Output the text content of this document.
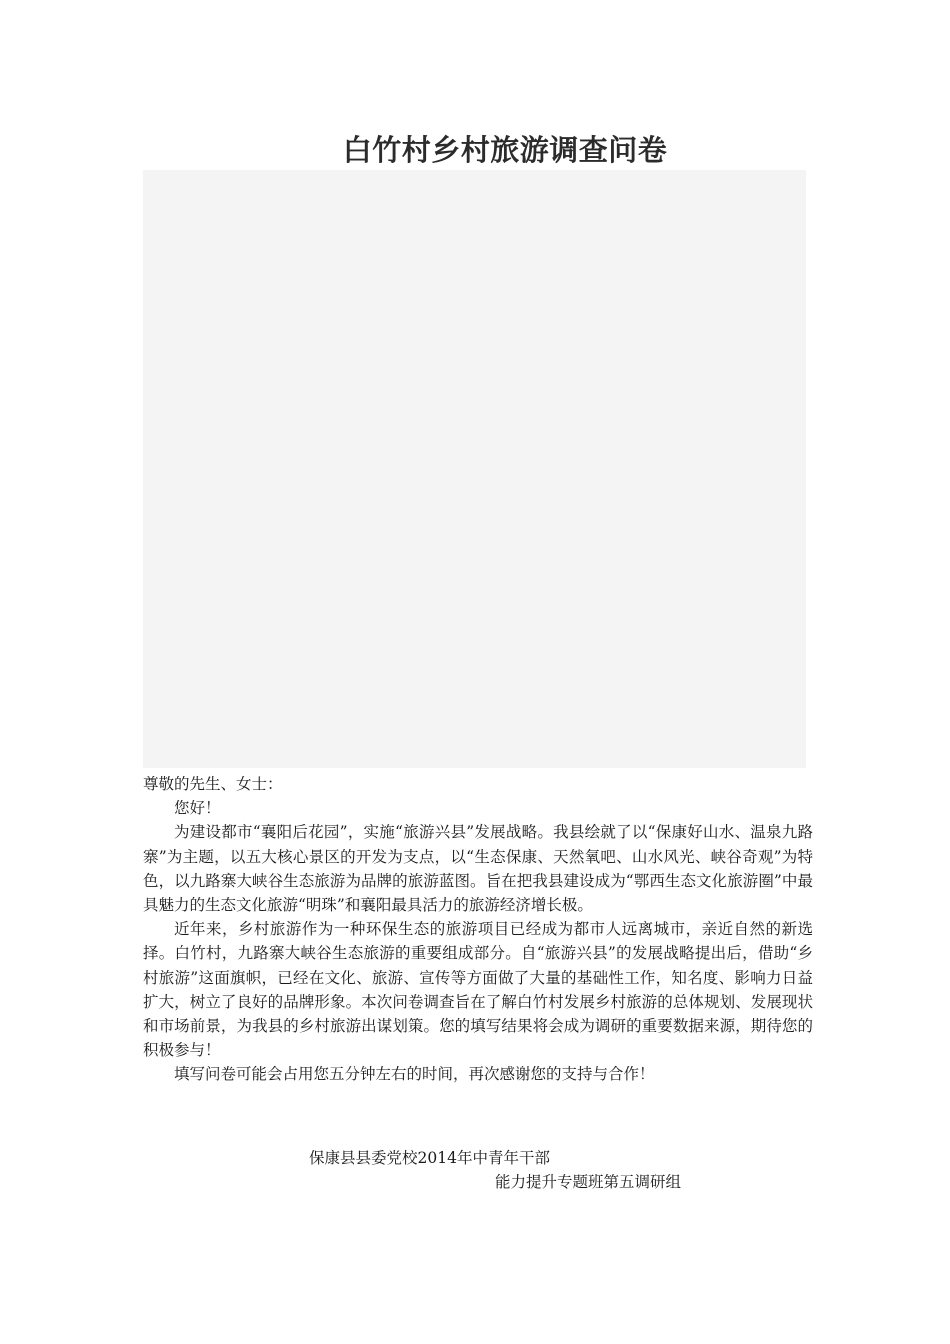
白竹村乡村旅游调查问卷

尊敬的先生、女士：

您好！

为建设都市“襄阳后花园”，实施“旅游兴县”发展战略。我县绘就了以“保康好山水、温泉九路寨”为主题，以五大核心景区的开发为支点，以“生态保康、天然氧吧、山水风光、峡谷奇观”为特色，以九路寨大峡谷生态旅游为品牌的旅游蓝图。旨在把我县建设成为“鄂西生态文化旅游圈”中最具魅力的生态文化旅游“明珠”和襄阳最具活力的旅游经济增长极。

近年来，乡村旅游作为一种环保生态的旅游项目已经成为都市人远离城市，亲近自然的新选择。白竹村，九路寨大峡谷生态旅游的重要组成部分。自“旅游兴县”的发展战略提出后，借助“乡村旅游”这面旗帜，已经在文化、旅游、宣传等方面做了大量的基础性工作，知名度、影响力日益扩大，树立了良好的品牌形象。本次问卷调查旨在了解白竹村发展乡村旅游的总体规划、发展现状和市场前景，为我县的乡村旅游出谋划策。您的填写结果将会成为调研的重要数据来源，期待您的积极参与！

填写问卷可能会占用您五分钟左右的时间，再次感谢您的支持与合作！

保康县县委党校2014年中青年干部
能力提升专题班第五调研组
